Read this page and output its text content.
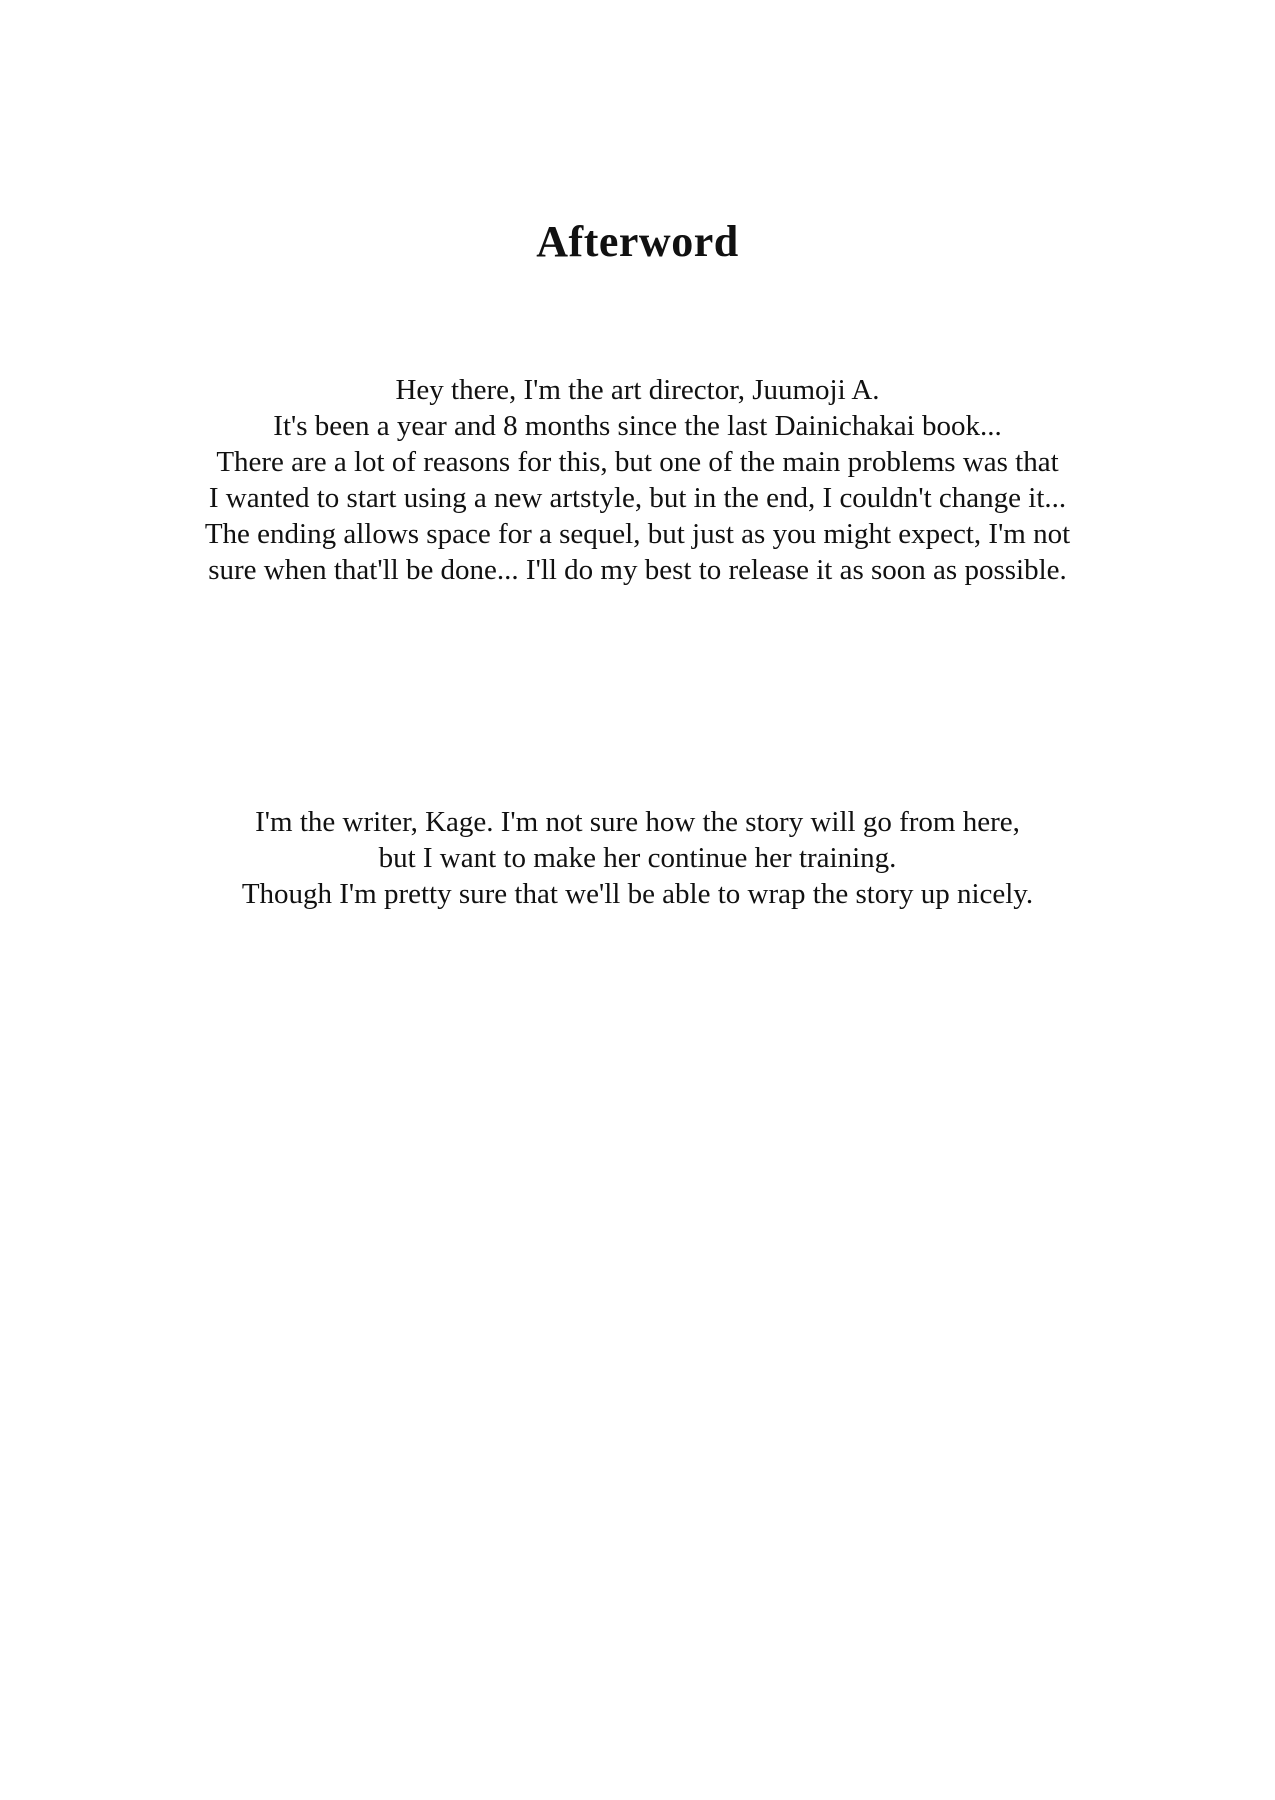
Afterword
Hey there, I'm the art director, Juumoji A.
It's been a year and 8 months since the last Dainichakai book...
There are a lot of reasons for this, but one of the main problems was that
I wanted to start using a new artstyle, but in the end, I couldn't change it...
The ending allows space for a sequel, but just as you might expect, I'm not
sure when that'll be done... I'll do my best to release it as soon as possible.
I'm the writer, Kage. I'm not sure how the story will go from here,
but I want to make her continue her training.
Though I'm pretty sure that we'll be able to wrap the story up nicely.
